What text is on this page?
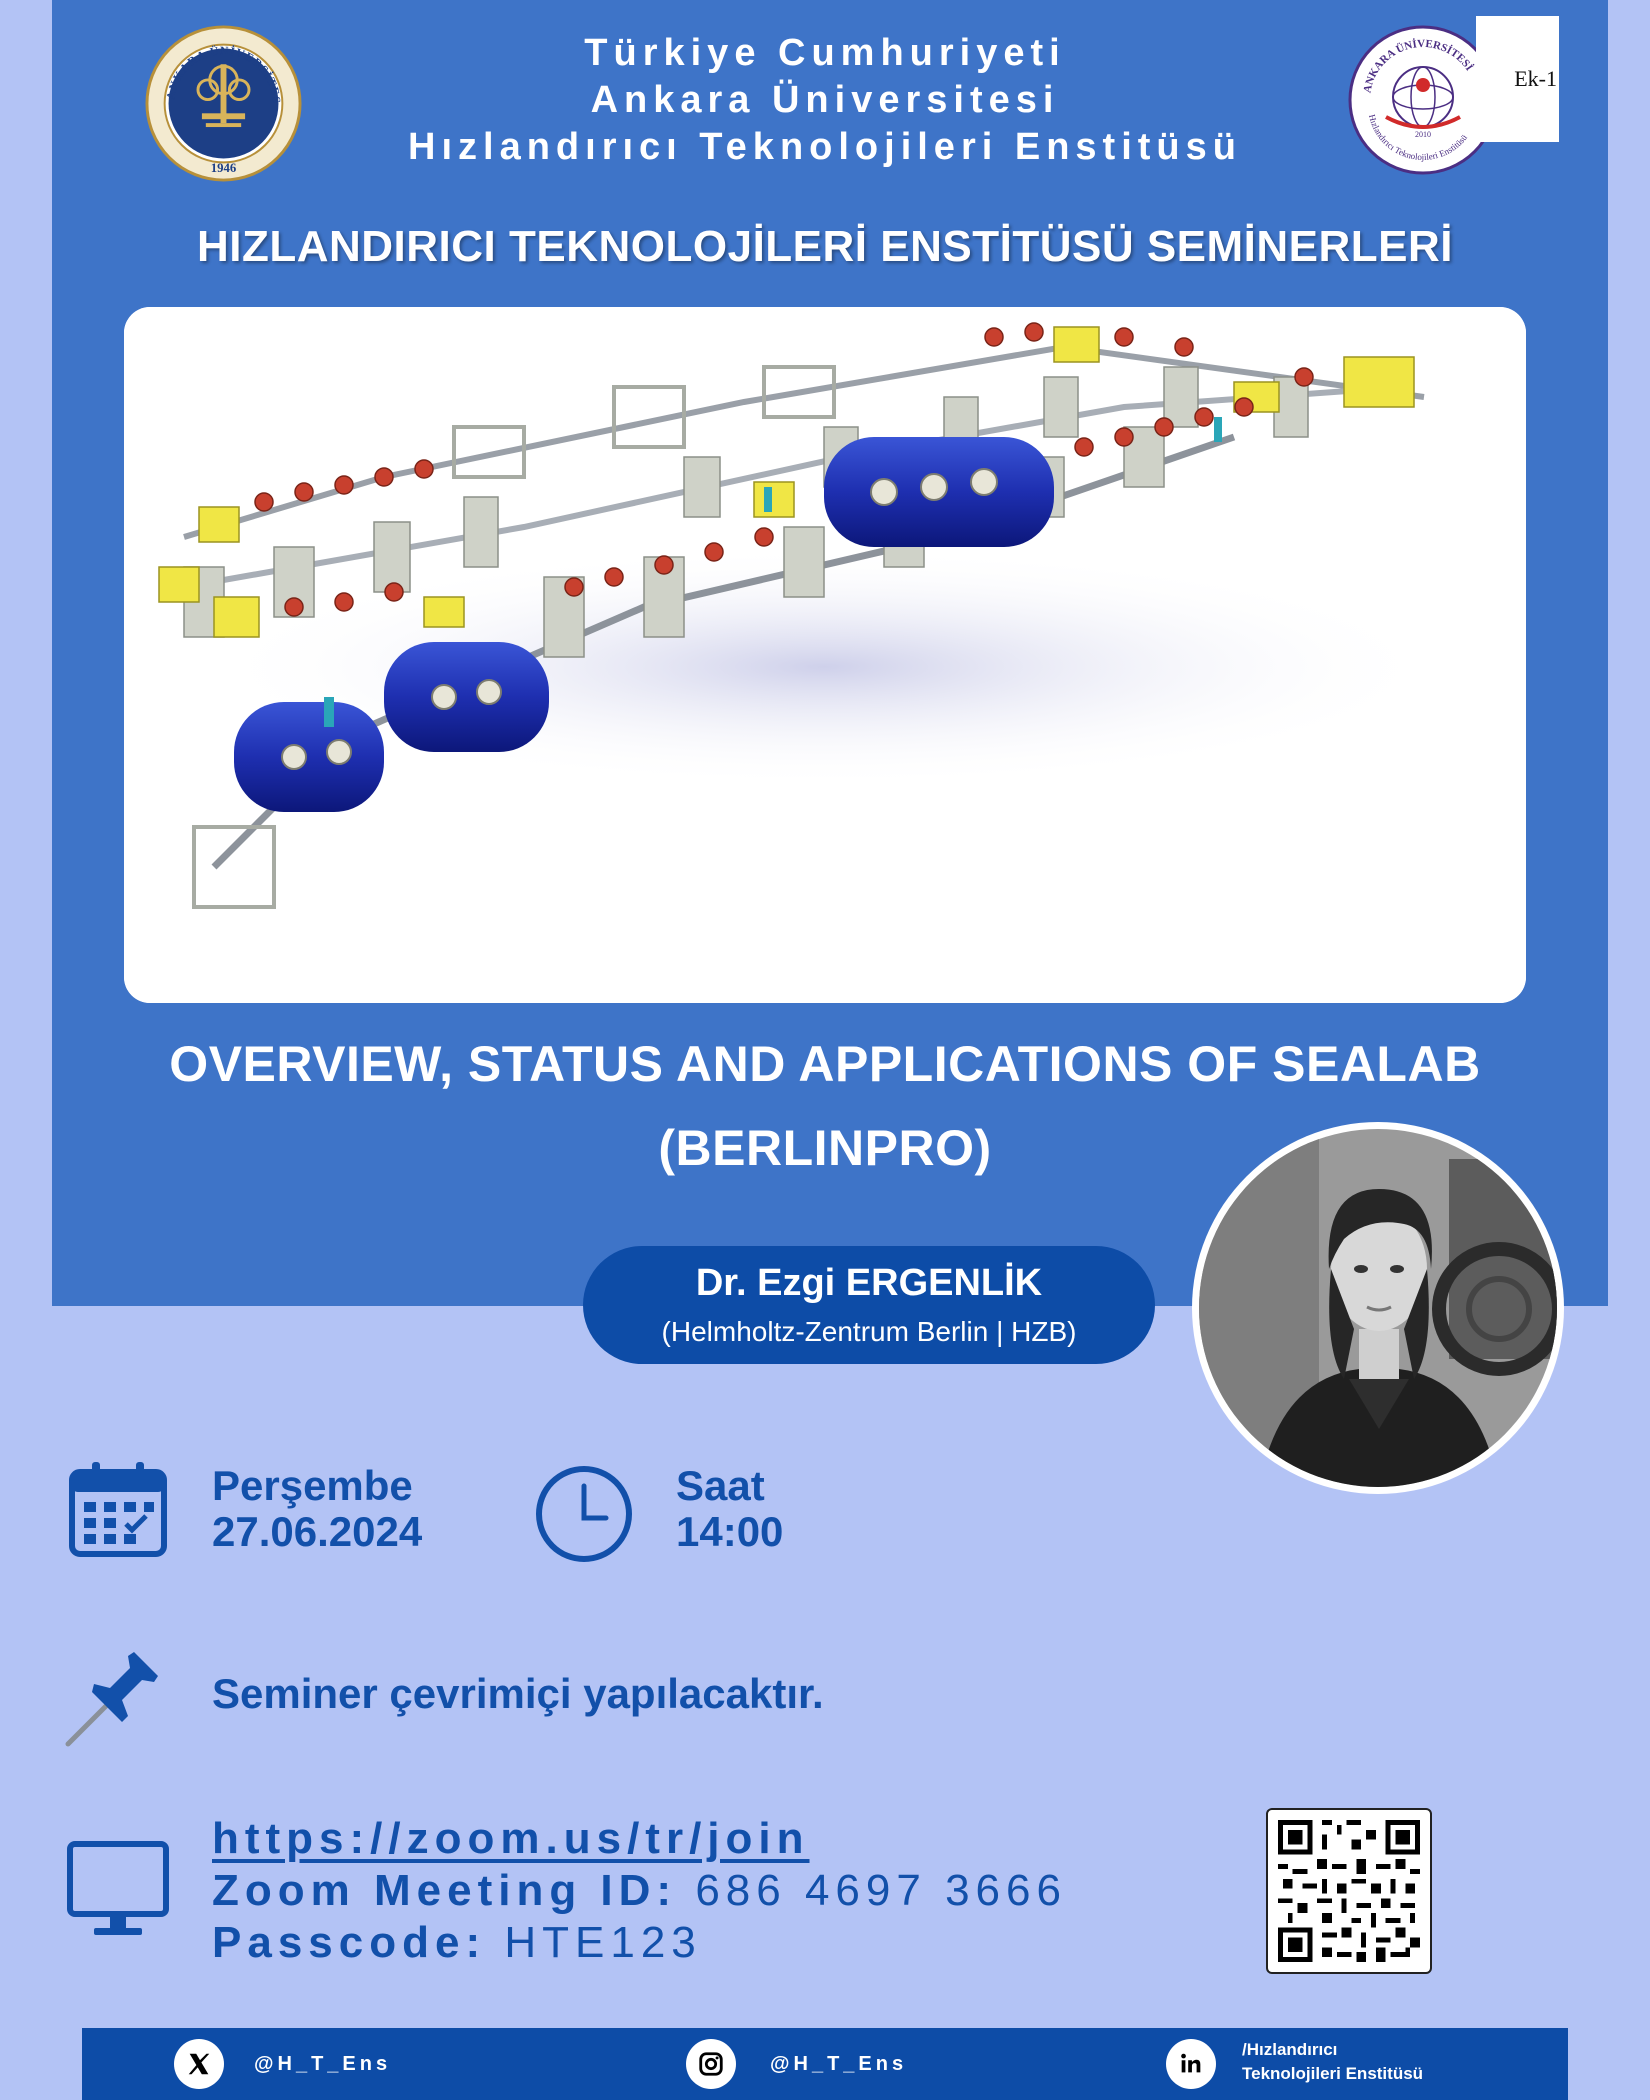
ANKARA ÜNİVERSİTES
1946
Türkiye Cumhuriyeti
Ankara Üniversitesi
Hızlandırıcı Teknolojileri Enstitüsü
ANKARA ÜNİVERSİTESİ
Hızlandırıcı Teknolojileri Enstitüsü
2010
Ek-1
HIZLANDIRICI TEKNOLOJİLERİ ENSTİTÜSÜ SEMİNERLERİ
OVERVIEW, STATUS AND APPLICATIONS OF SEALAB
(BERLINPRO)
Dr. Ezgi ERGENLİK
(Helmholtz-Zentrum Berlin | HZB)
Perşembe
27.06.2024
Saat
14:00
Seminer çevrimiçi yapılacaktır.
https://zoom.us/tr/join
Zoom Meeting ID: 686 4697 3666
Passcode: HTE123
@H_T_Ens	@H_T_Ens
/Hızlandırıcı
Teknolojileri Enstitüsü
